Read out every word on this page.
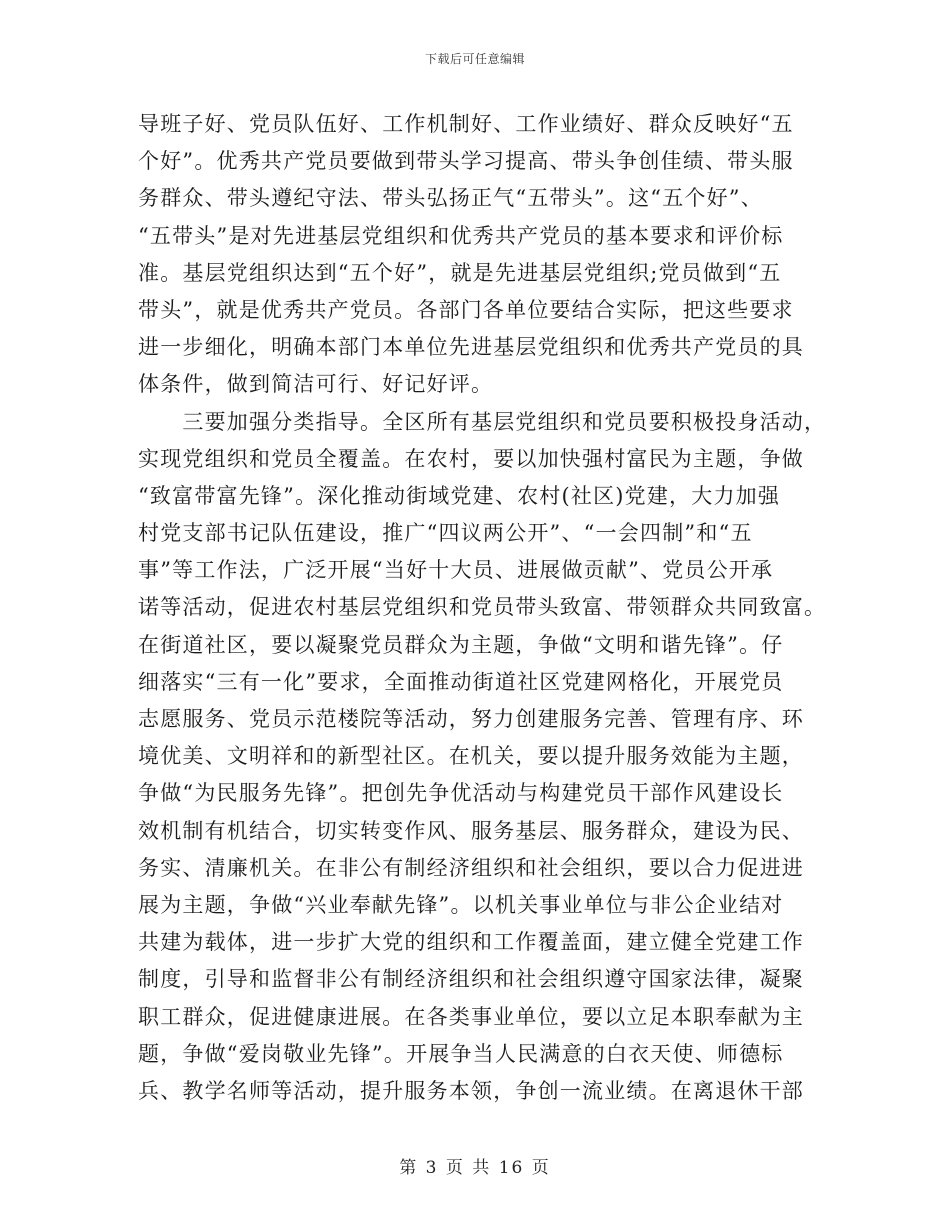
下载后可任意编辑

导班子好、党员队伍好、工作机制好、工作业绩好、群众反映好“五
个好”。优秀共产党员要做到带头学习提高、带头争创佳绩、带头服
务群众、带头遵纪守法、带头弘扬正气“五带头”。这“五个好”、
“五带头”是对先进基层党组织和优秀共产党员的基本要求和评价标
准。基层党组织达到“五个好”，就是先进基层党组织;党员做到“五
带头”，就是优秀共产党员。各部门各单位要结合实际，把这些要求
进一步细化，明确本部门本单位先进基层党组织和优秀共产党员的具
体条件，做到简洁可行、好记好评。

　　三要加强分类指导。全区所有基层党组织和党员要积极投身活动，
实现党组织和党员全覆盖。在农村，要以加快强村富民为主题，争做
“致富带富先锋”。深化推动街域党建、农村(社区)党建，大力加强
村党支部书记队伍建设，推广“四议两公开”、“一会四制”和“五
事”等工作法，广泛开展“当好十大员、进展做贡献”、党员公开承
诺等活动，促进农村基层党组织和党员带头致富、带领群众共同致富。
在街道社区，要以凝聚党员群众为主题，争做“文明和谐先锋”。仔
细落实“三有一化”要求，全面推动街道社区党建网格化，开展党员
志愿服务、党员示范楼院等活动，努力创建服务完善、管理有序、环
境优美、文明祥和的新型社区。在机关，要以提升服务效能为主题，
争做“为民服务先锋”。把创先争优活动与构建党员干部作风建设长
效机制有机结合，切实转变作风、服务基层、服务群众，建设为民、
务实、清廉机关。在非公有制经济组织和社会组织，要以合力促进进
展为主题，争做“兴业奉献先锋”。以机关事业单位与非公企业结对
共建为载体，进一步扩大党的组织和工作覆盖面，建立健全党建工作
制度，引导和监督非公有制经济组织和社会组织遵守国家法律，凝聚
职工群众，促进健康进展。在各类事业单位，要以立足本职奉献为主
题，争做“爱岗敬业先锋”。开展争当人民满意的白衣天使、师德标
兵、教学名师等活动，提升服务本领，争创一流业绩。在离退休干部

第 3 页 共 16 页
